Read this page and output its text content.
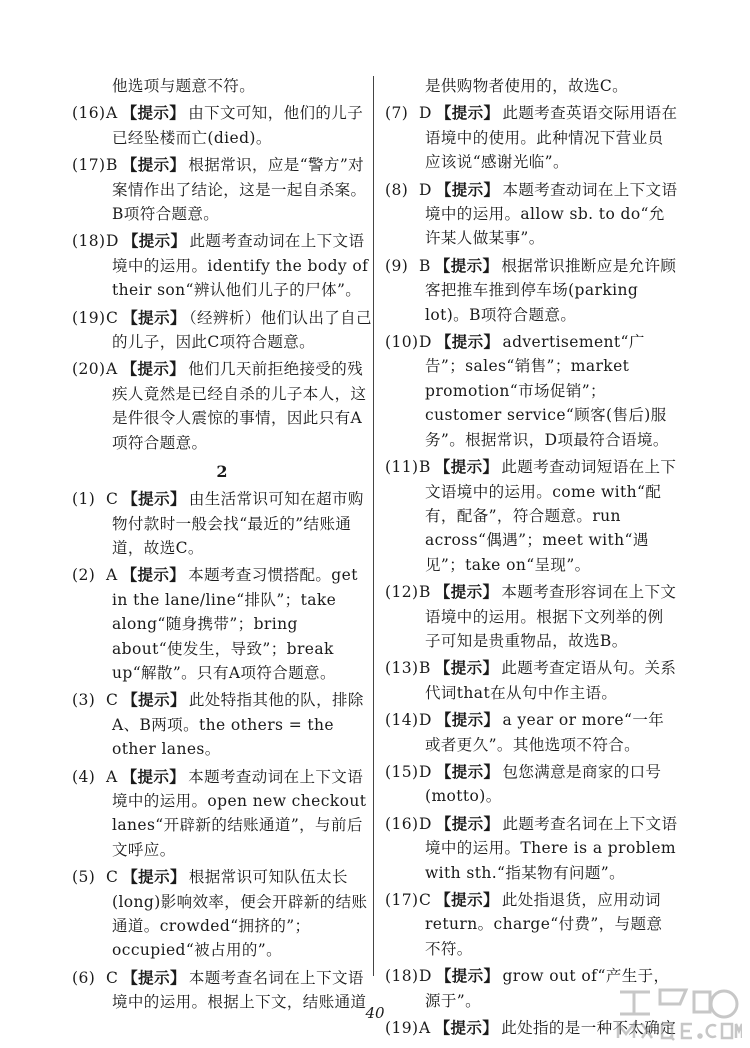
他选项与题意不符。
(16) A 【提示】 由下文可知，他们的儿子已经坠楼而亡(died)。
(17) B 【提示】 根据常识，应是“警方”对案情作出了结论，这是一起自杀案。B项符合题意。
(18) D 【提示】 此题考查动词在上下文语境中的运用。identify the body of their son“辨认他们儿子的尸体”。
(19) C 【提示】 （经辨析）他们认出了自己的儿子，因此C项符合题意。
(20) A 【提示】 他们几天前拒绝接受的残疾人竟然是已经自杀的儿子本人，这是件很令人震惊的事情，因此只有A项符合题意。
2
(1) C 【提示】 由生活常识可知在超市购物付款时一般会找“最近的”结账通道，故选C。
(2) A 【提示】 本题考查习惯搭配。get in the lane/line“排队”；take along“随身携带”；bring about“使发生，导致”；break up“解散”。只有A项符合题意。
(3) C 【提示】 此处特指其他的队，排除A、B两项。the others = the other lanes。
(4) A 【提示】 本题考查动词在上下文语境中的运用。open new checkout lanes“开辟新的结账通道”，与前后文呼应。
(5) C 【提示】 根据常识可知队伍太长(long)影响效率，便会开辟新的结账通道。crowded“拥挤的”；occupied“被占用的”。
(6) C 【提示】 本题考查名词在上下文语境中的运用。根据上下文，结账通道
是供购物者使用的，故选C。
(7) D 【提示】 此题考查英语交际用语在语境中的使用。此种情况下营业员应该说“感谢光临”。
(8) D 【提示】 本题考查动词在上下文语境中的运用。allow sb. to do“允许某人做某事”。
(9) B 【提示】 根据常识推断应是允许顾客把推车推到停车场(parking lot)。B项符合题意。
(10) D 【提示】 advertisement“广告”；sales“销售”；market promotion“市场促销”；customer service“顾客(售后)服务”。根据常识，D项最符合语境。
(11) B 【提示】 此题考查动词短语在上下文语境中的运用。come with“配有，配备”，符合题意。run across“偶遇”；meet with“遇见”；take on“呈现”。
(12) B 【提示】 本题考查形容词在上下文语境中的运用。根据下文列举的例子可知是贵重物品，故选B。
(13) B 【提示】 此题考查定语从句。关系代词that在从句中作主语。
(14) D 【提示】 a year or more“一年或者更久”。其他选项不符合。
(15) D 【提示】 包您满意是商家的口号(motto)。
(16) D 【提示】 此题考查名词在上下文语境中的运用。There is a problem with sth.“指某物有问题”。
(17) C 【提示】 此处指退货，应用动词return。charge“付费”，与题意不符。
(18) D 【提示】 grow out of“产生于，源于”。
(19) A 【提示】 此处指的是一种不太确定
40
